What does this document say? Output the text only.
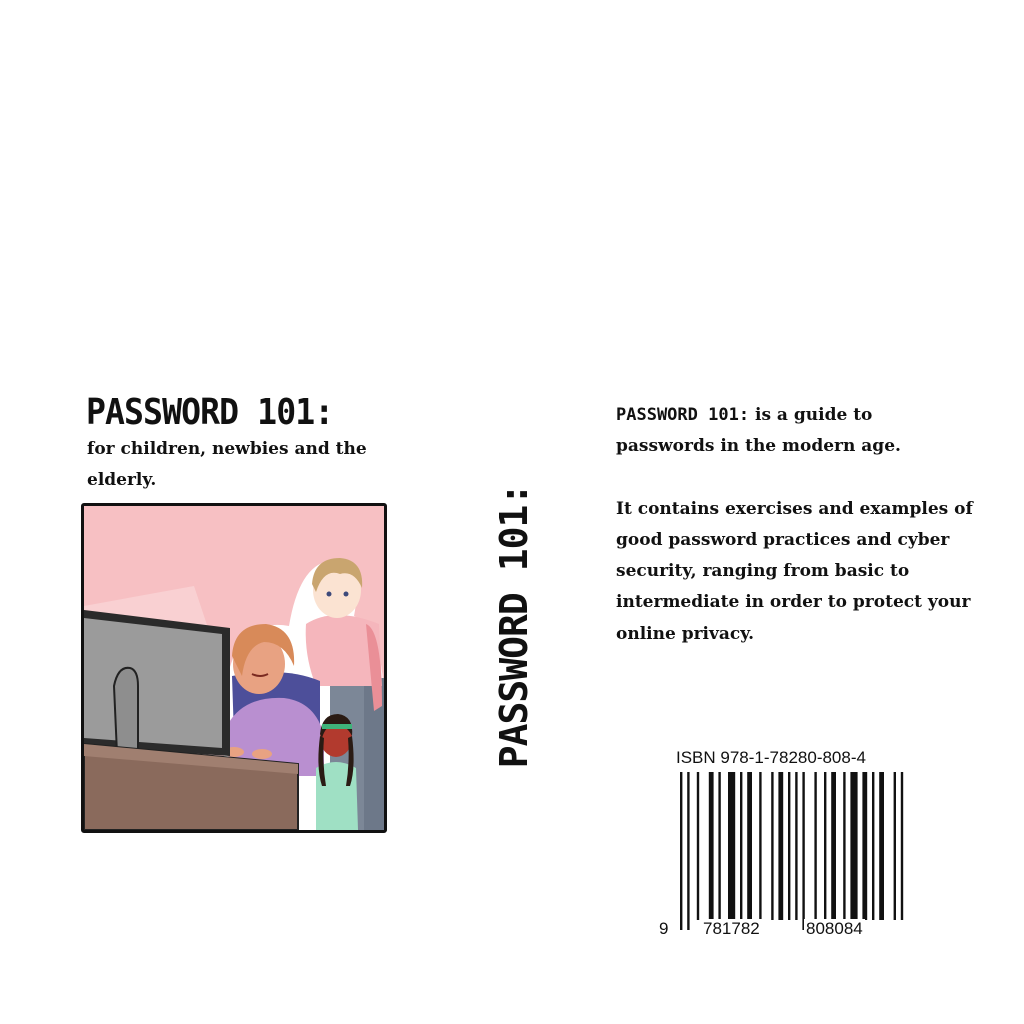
PASSWORD 101:
for children, newbies and the elderly.
PASSWORD 101:

PASSWORD 101: is a guide to passwords in the modern age.

It contains exercises and examples of good password practices and cyber security, ranging from basic to intermediate in order to protect your online privacy.

ISBN 978-1-78280-808-4
9 781782	808084
